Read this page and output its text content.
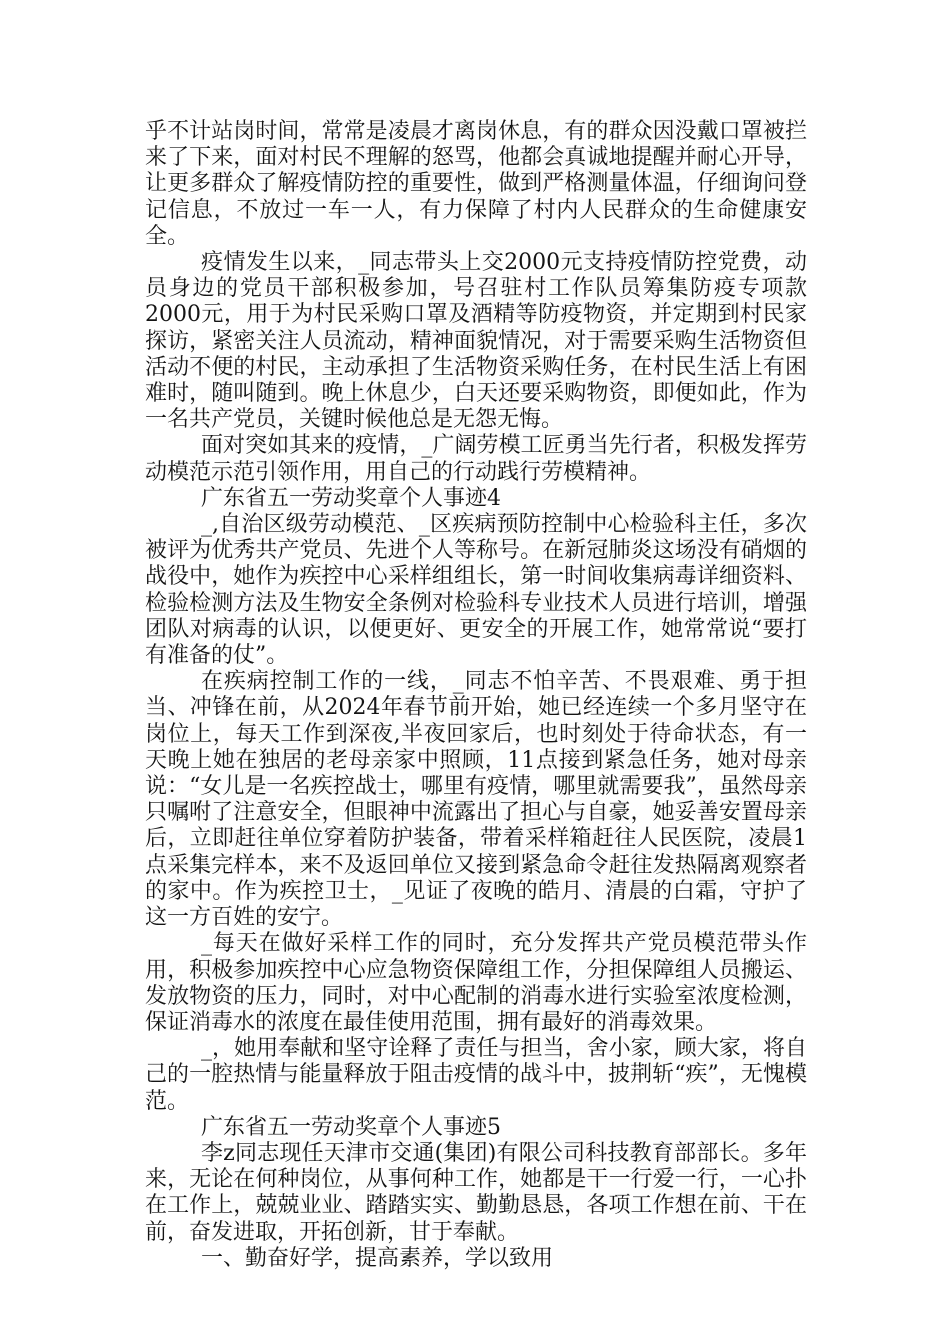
乎不计站岗时间，常常是凌晨才离岗休息，有的群众因没戴口罩被拦来了下来，面对村民不理解的怒骂，他都会真诚地提醒并耐心开导，让更多群众了解疫情防控的重要性，做到严格测量体温，仔细询问登记信息，不放过一车一人，有力保障了村内人民群众的生命健康安全。

疫情发生以来，_同志带头上交2000元支持疫情防控党费，动员身边的党员干部积极参加，号召驻村工作队员筹集防疫专项款2000元，用于为村民采购口罩及酒精等防疫物资，并定期到村民家探访，紧密关注人员流动，精神面貌情况，对于需要采购生活物资但活动不便的村民，主动承担了生活物资采购任务，在村民生活上有困难时，随叫随到。晚上休息少，白天还要采购物资，即便如此，作为一名共产党员，关键时候他总是无怨无悔。

面对突如其来的疫情，_广阔劳模工匠勇当先行者，积极发挥劳动模范示范引领作用，用自己的行动践行劳模精神。

广东省五一劳动奖章个人事迹4

_,自治区级劳动模范、_区疾病预防控制中心检验科主任，多次被评为优秀共产党员、先进个人等称号。在新冠肺炎这场没有硝烟的战役中，她作为疾控中心采样组组长，第一时间收集病毒详细资料、检验检测方法及生物安全条例对检验科专业技术人员进行培训，增强团队对病毒的认识，以便更好、更安全的开展工作，她常常说“要打有准备的仗”。

在疾病控制工作的一线，_同志不怕辛苦、不畏艰难、勇于担当、冲锋在前，从2024年春节前开始，她已经连续一个多月坚守在岗位上，每天工作到深夜,半夜回家后，也时刻处于待命状态，有一天晚上她在独居的老母亲家中照顾，11点接到紧急任务，她对母亲说：“女儿是一名疾控战士，哪里有疫情，哪里就需要我”，虽然母亲只嘱咐了注意安全，但眼神中流露出了担心与自豪，她妥善安置母亲后，立即赶往单位穿着防护装备，带着采样箱赶往人民医院，凌晨1点采集完样本，来不及返回单位又接到紧急命令赶往发热隔离观察者的家中。作为疾控卫士，_见证了夜晚的皓月、清晨的白霜，守护了这一方百姓的安宁。

_每天在做好采样工作的同时，充分发挥共产党员模范带头作用，积极参加疾控中心应急物资保障组工作，分担保障组人员搬运、发放物资的压力，同时，对中心配制的消毒水进行实验室浓度检测，保证消毒水的浓度在最佳使用范围，拥有最好的消毒效果。

_，她用奉献和坚守诠释了责任与担当，舍小家，顾大家，将自己的一腔热情与能量释放于阻击疫情的战斗中，披荆斩“疾”，无愧模范。

广东省五一劳动奖章个人事迹5

李z同志现任天津市交通(集团)有限公司科技教育部部长。多年来，无论在何种岗位，从事何种工作，她都是干一行爱一行，一心扑在工作上，兢兢业业、踏踏实实、勤勤恳恳，各项工作想在前、干在前，奋发进取，开拓创新，甘于奉献。

一、勤奋好学，提高素养，学以致用
